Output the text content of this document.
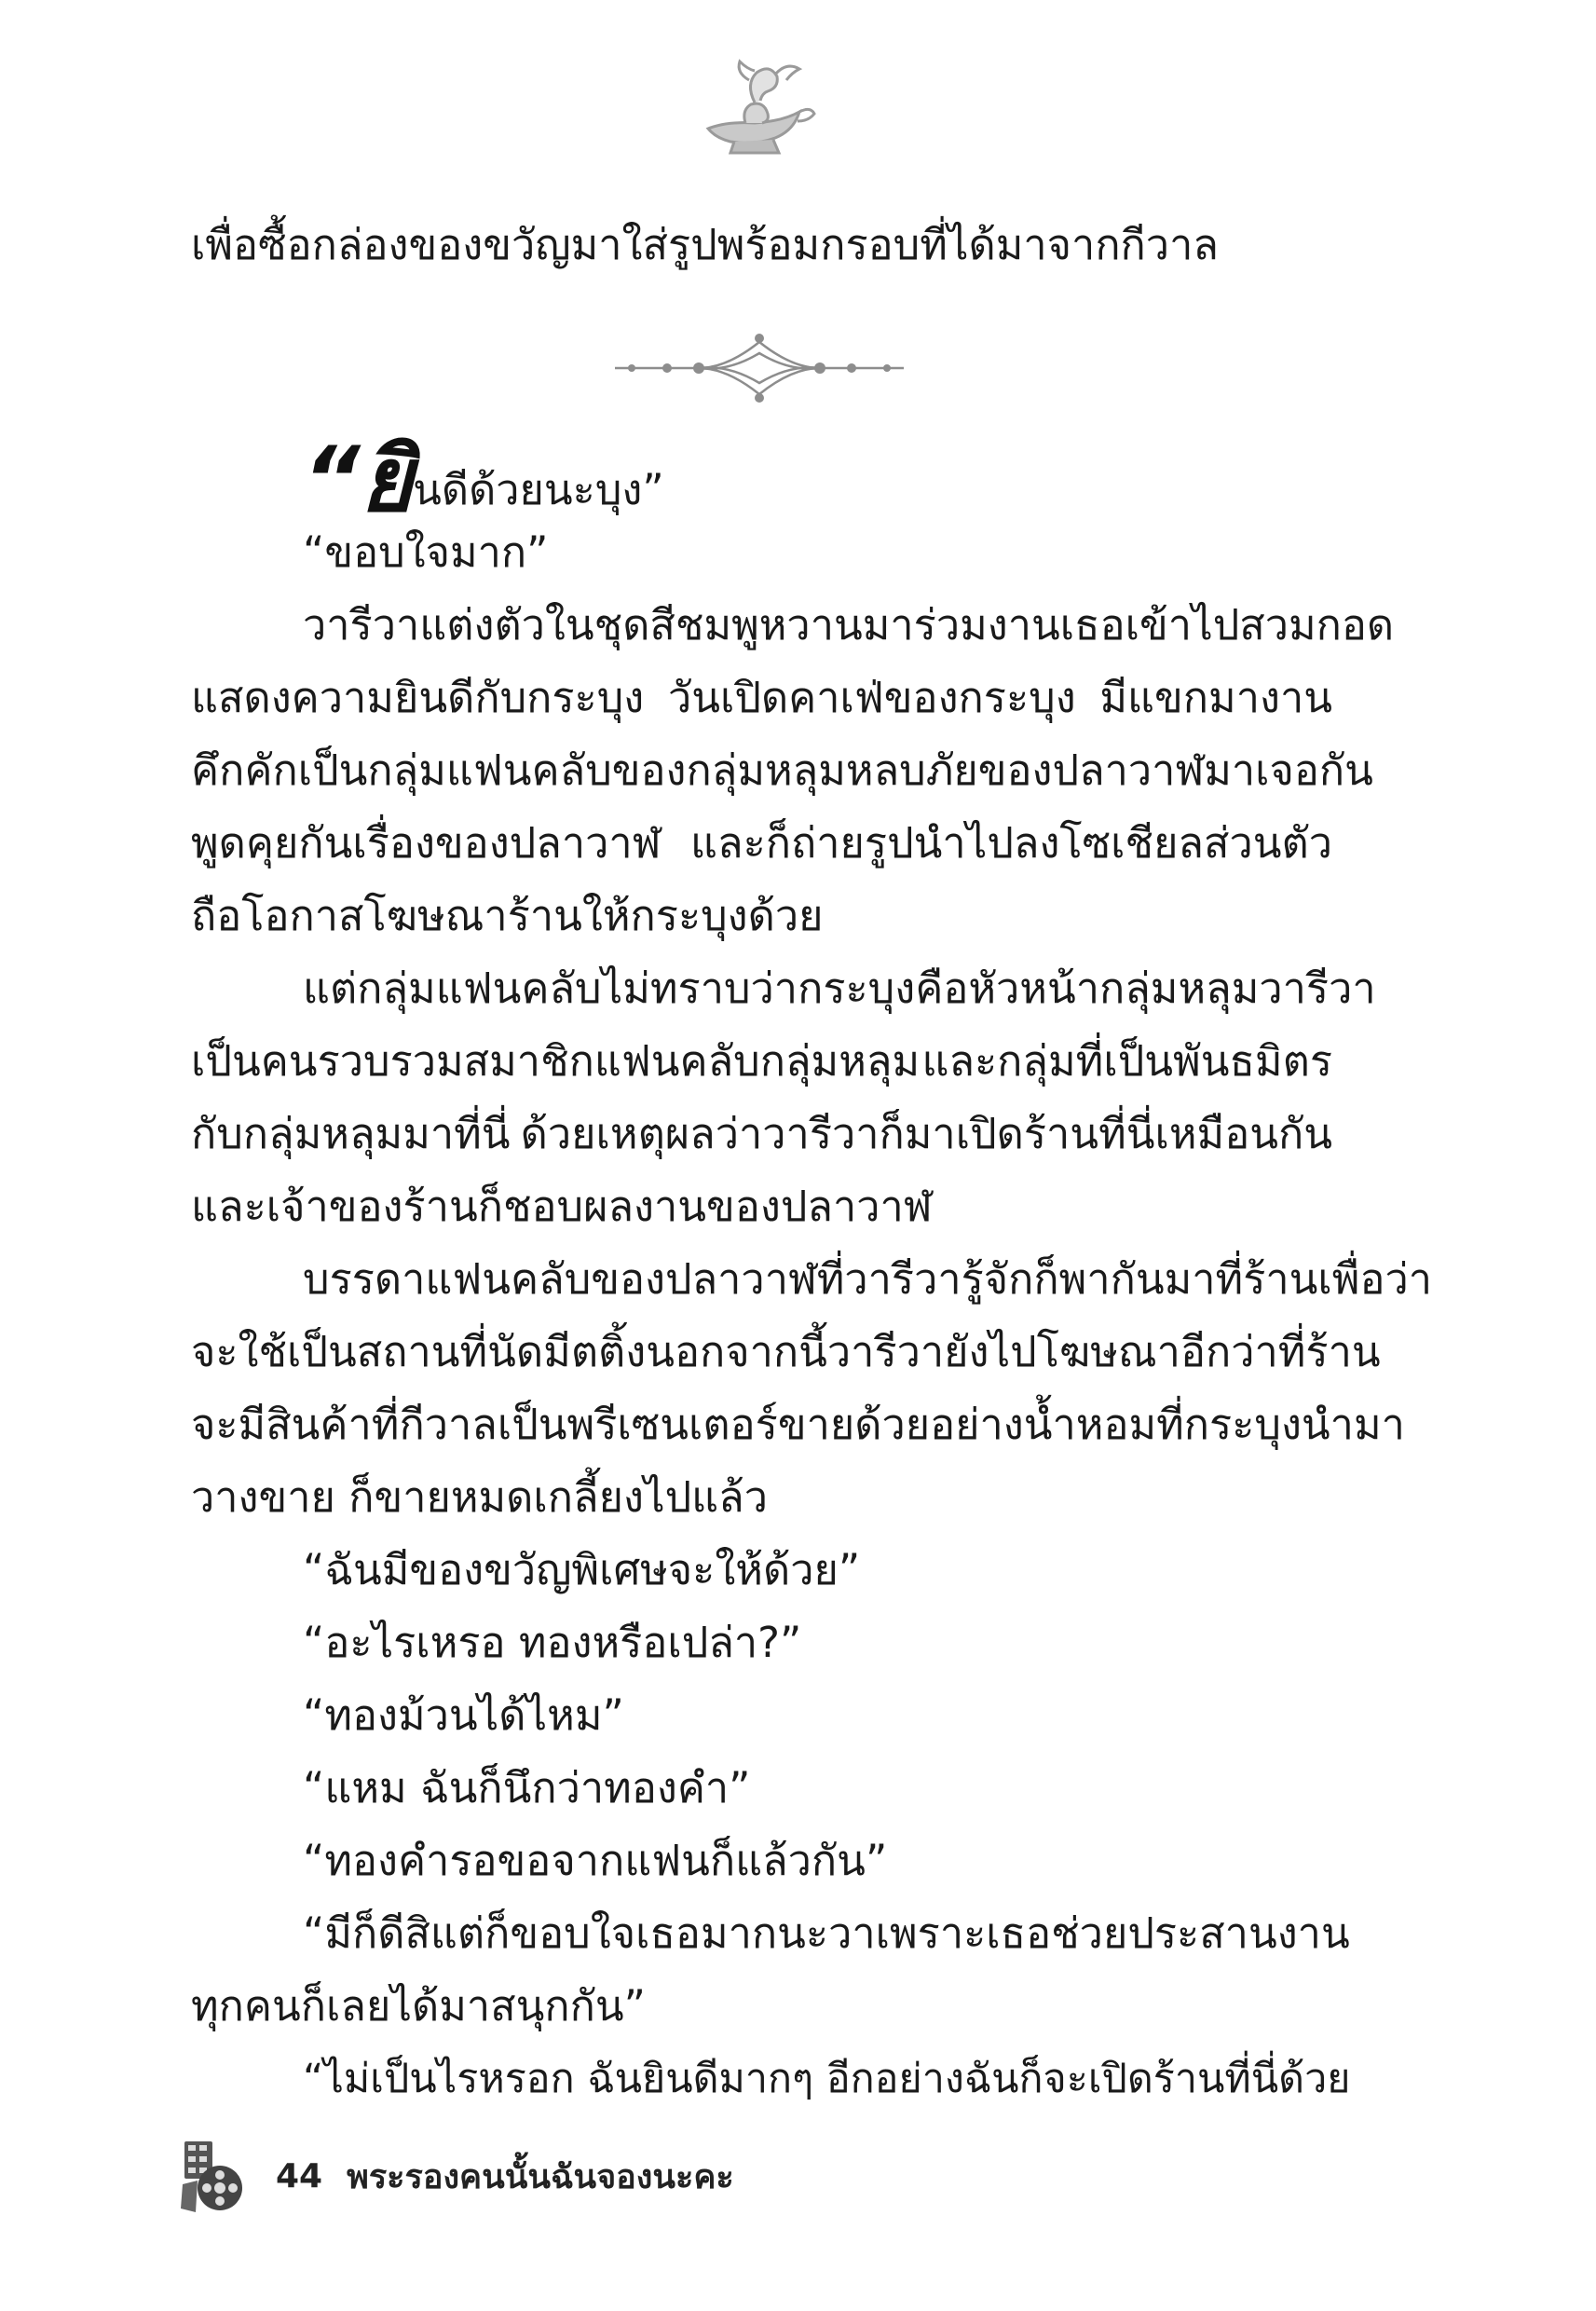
เพื่อซื้อกล่องของขวัญมาใส่รูปพร้อมกรอบที่ได้มาจากกีวาล
“ยิ นดีด้วยนะบุง”
“ขอบใจมาก”
วารีวาแต่งตัวในชุดสีชมพูหวานมาร่วมงาน เธอเข้าไปสวมกอด
แสดงความยินดีกับกระบุง วันเปิดคาเฟ่ของกระบุง มีแขกมางาน
คึกคัก เป็นกลุ่มแฟนคลับของกลุ่มหลุมหลบภัยของปลาวาฬ มาเจอกัน
พูดคุยกันเรื่องของปลาวาฬ และก็ถ่ายรูปนำไปลงโซเชียลส่วนตัว
ถือโอกาสโฆษณาร้านให้กระบุงด้วย
แต่กลุ่มแฟนคลับไม่ทราบว่า กระบุงคือหัวหน้ากลุ่มหลุม วารีวา
เป็นคนรวบรวมสมาชิกแฟนคลับกลุ่มหลุม และกลุ่มที่เป็นพันธมิตร
กับกลุ่มหลุมมาที่นี่ ด้วยเหตุผลว่าวารีวาก็มาเปิดร้านที่นี่เหมือนกัน
และเจ้าของร้านก็ชอบผลงานของปลาวาฬ
บรรดาแฟนคลับของปลาวาฬที่วารีวารู้จักก็พากันมาที่ร้าน เพื่อว่า
จะใช้เป็นสถานที่นัดมีตติ้ง นอกจากนี้วารีวายังไปโฆษณาอีกว่าที่ร้าน
จะมีสินค้าที่กีวาลเป็นพรีเซนเตอร์ขายด้วย อย่างน้ำหอมที่กระบุงนำมา
วางขาย ก็ขายหมดเกลี้ยงไปแล้ว
“ฉันมีของขวัญพิเศษจะให้ด้วย”
“อะไรเหรอ ทองหรือเปล่า?”
“ทองม้วนได้ไหม”
“แหม ฉันก็นึกว่าทองคำ”
“ทองคำรอขอจากแฟนก็แล้วกัน”
“มีก็ดีสิ แต่ก็ขอบใจเธอมากนะวา เพราะเธอช่วยประสานงาน
ทุกคนก็เลยได้มาสนุกกัน”
“ไม่เป็นไรหรอก ฉันยินดีมากๆ อีกอย่างฉันก็จะเปิดร้านที่นี่ด้วย
44 พระรองคนนั้นฉันจองนะคะ
